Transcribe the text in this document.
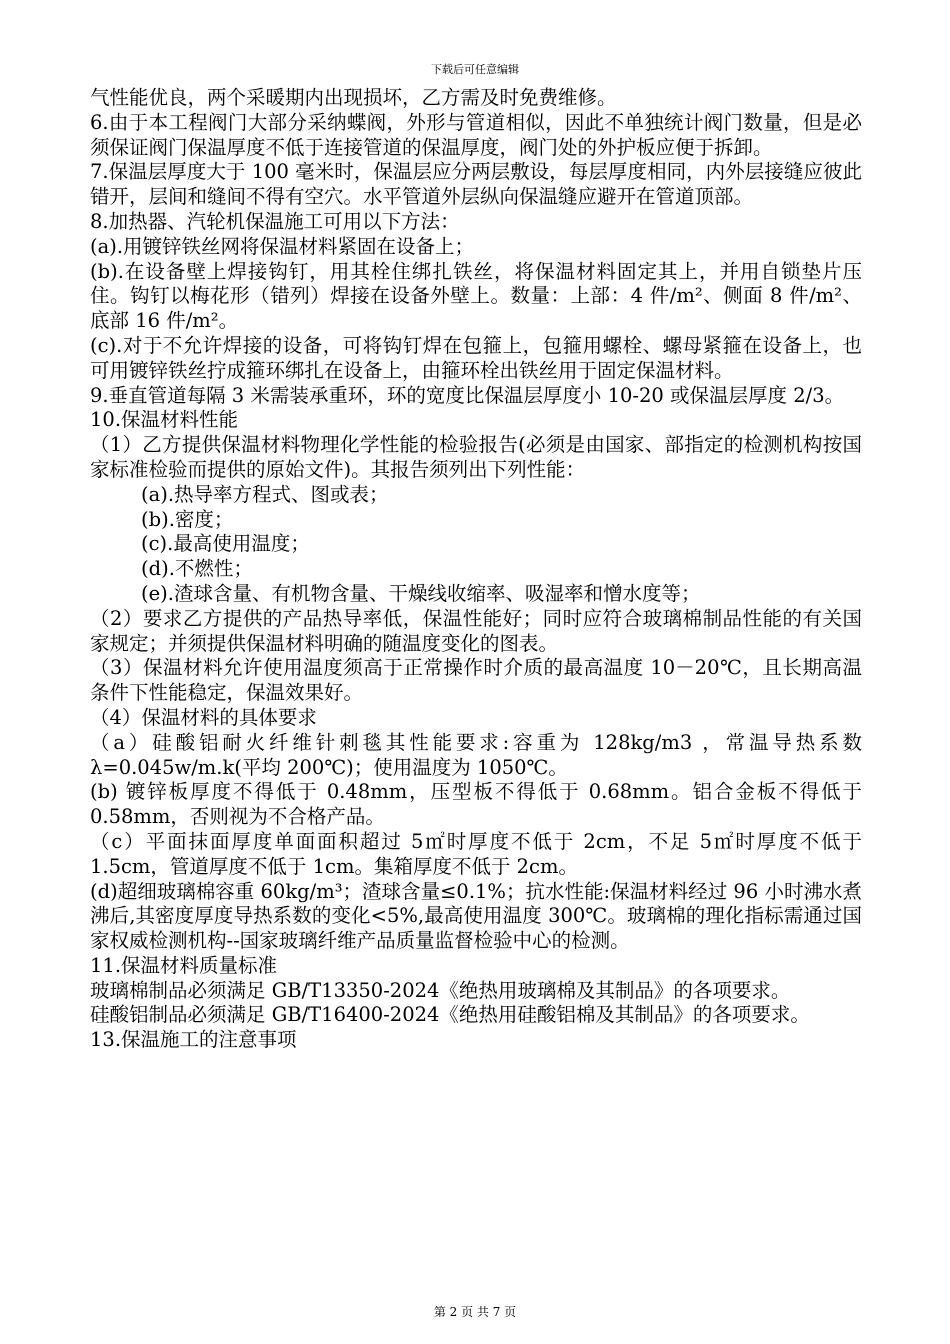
下载后可任意编辑

气性能优良，两个采暖期内出现损坏，乙方需及时免费维修。

6.由于本工程阀门大部分采纳蝶阀，外形与管道相似，因此不单独统计阀门数量，但是必须保证阀门保温厚度不低于连接管道的保温厚度，阀门处的外护板应便于拆卸。

7.保温层厚度大于 100 毫米时，保温层应分两层敷设，每层厚度相同，内外层接缝应彼此错开，层间和缝间不得有空穴。水平管道外层纵向保温缝应避开在管道顶部。

8.加热器、汽轮机保温施工可用以下方法：

(a).用镀锌铁丝网将保温材料紧固在设备上；

(b).在设备壁上焊接钩钉，用其栓住绑扎铁丝，将保温材料固定其上，并用自锁垫片压住。钩钉以梅花形（错列）焊接在设备外壁上。数量：上部：4 件/m²、侧面 8 件/m²、底部 16 件/m²。

(c).对于不允许焊接的设备，可将钩钉焊在包箍上，包箍用螺栓、螺母紧箍在设备上，也可用镀锌铁丝拧成箍环绑扎在设备上，由箍环栓出铁丝用于固定保温材料。

9.垂直管道每隔 3 米需装承重环，环的宽度比保温层厚度小 10-20 或保温层厚度 2/3。

10.保温材料性能

（1）乙方提供保温材料物理化学性能的检验报告(必须是由国家、部指定的检测机构按国家标准检验而提供的原始文件)。其报告须列出下列性能：

(a).热导率方程式、图或表；

(b).密度；

(c).最高使用温度；

(d).不燃性；

(e).渣球含量、有机物含量、干燥线收缩率、吸湿率和憎水度等；

（2）要求乙方提供的产品热导率低，保温性能好；同时应符合玻璃棉制品性能的有关国家规定；并须提供保温材料明确的随温度变化的图表。

（3）保温材料允许使用温度须高于正常操作时介质的最高温度 10－20℃，且长期高温条件下性能稳定，保温效果好。

（4）保温材料的具体要求

（a）硅酸铝耐火纤维针刺毯其性能要求:容重为 128kg/m3 ，常温导热系数 λ=0.045w/m.k(平均 200℃)；使用温度为 1050℃。

(b) 镀锌板厚度不得低于 0.48mm，压型板不得低于 0.68mm。铝合金板不得低于 0.58mm，否则视为不合格产品。

（c）平面抹面厚度单面面积超过 5㎡时厚度不低于 2cm，不足 5㎡时厚度不低于 1.5cm，管道厚度不低于 1cm。集箱厚度不低于 2cm。

(d)超细玻璃棉容重 60kg/m³；渣球含量≤0.1%；抗水性能:保温材料经过 96 小时沸水煮沸后,其密度厚度导热系数的变化<5%,最高使用温度 300℃。玻璃棉的理化指标需通过国家权威检测机构--国家玻璃纤维产品质量监督检验中心的检测。

11.保温材料质量标准

玻璃棉制品必须满足 GB/T13350-2024《绝热用玻璃棉及其制品》的各项要求。

硅酸铝制品必须满足 GB/T16400-2024《绝热用硅酸铝棉及其制品》的各项要求。

13.保温施工的注意事项

第 2 页 共 7 页
